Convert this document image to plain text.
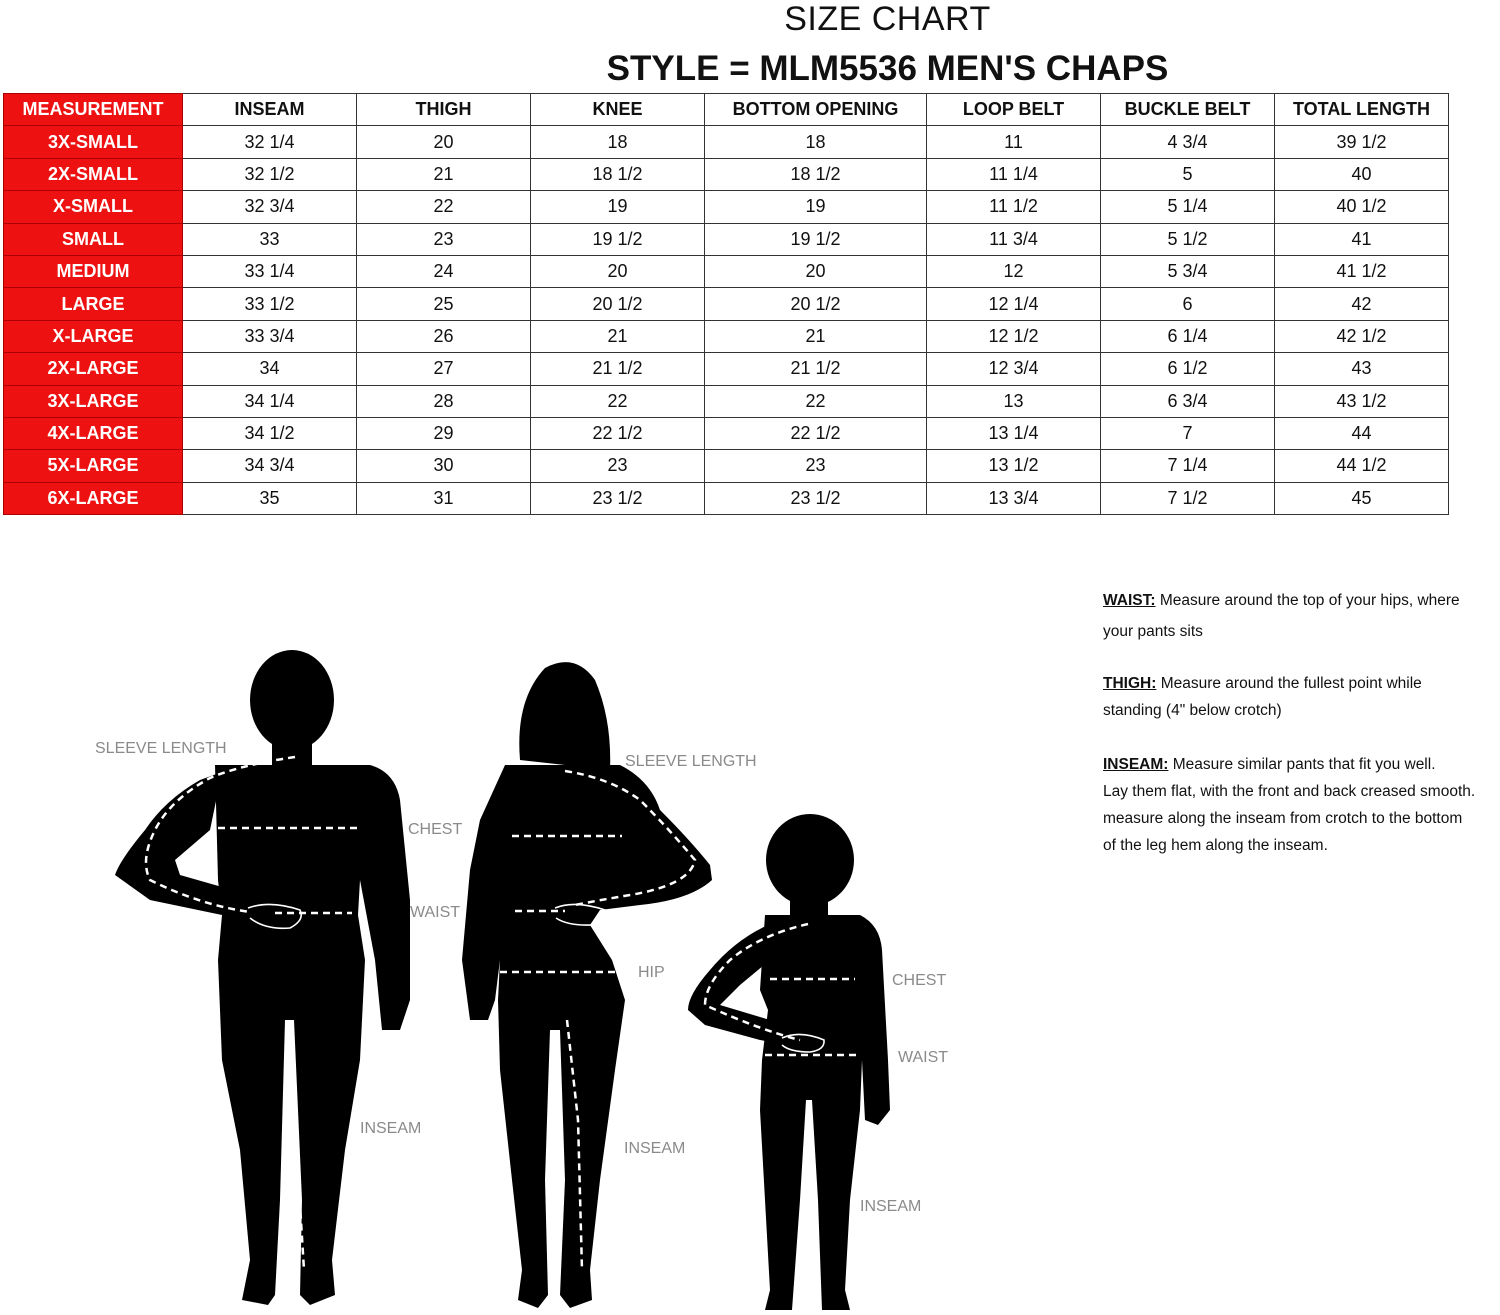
SIZE CHART
STYLE = MLM5536 MEN'S CHAPS
MEASUREMENT	INSEAM	THIGH	KNEE	BOTTOM OPENING	LOOP BELT	BUCKLE BELT	TOTAL LENGTH
3X-SMALL	32 1/4	20	18	18	11	4 3/4	39 1/2
2X-SMALL	32 1/2	21	18 1/2	18 1/2	11 1/4	5	40
X-SMALL	32 3/4	22	19	19	11 1/2	5 1/4	40 1/2
SMALL	33	23	19 1/2	19 1/2	11 3/4	5 1/2	41
MEDIUM	33 1/4	24	20	20	12	5 3/4	41 1/2
LARGE	33 1/2	25	20 1/2	20 1/2	12 1/4	6	42
X-LARGE	33 3/4	26	21	21	12 1/2	6 1/4	42 1/2
2X-LARGE	34	27	21 1/2	21 1/2	12 3/4	6 1/2	43
3X-LARGE	34 1/4	28	22	22	13	6 3/4	43 1/2
4X-LARGE	34 1/2	29	22 1/2	22 1/2	13 1/4	7	44
5X-LARGE	34 3/4	30	23	23	13 1/2	7 1/4	44 1/2
6X-LARGE	35	31	23 1/2	23 1/2	13 3/4	7 1/2	45
SLEEVE LENGTH
CHEST
WAIST
INSEAM
SLEEVE LENGTH
HIP
INSEAM
CHEST
WAIST
INSEAM

WAIST: Measure around the top of your hips, where

your pants sits

THIGH: Measure around the fullest point while

standing (4" below crotch)

INSEAM: Measure similar pants that fit you well.

Lay them flat, with the front and back creased smooth.

measure along the inseam from crotch to the bottom

of the leg hem along the inseam.
